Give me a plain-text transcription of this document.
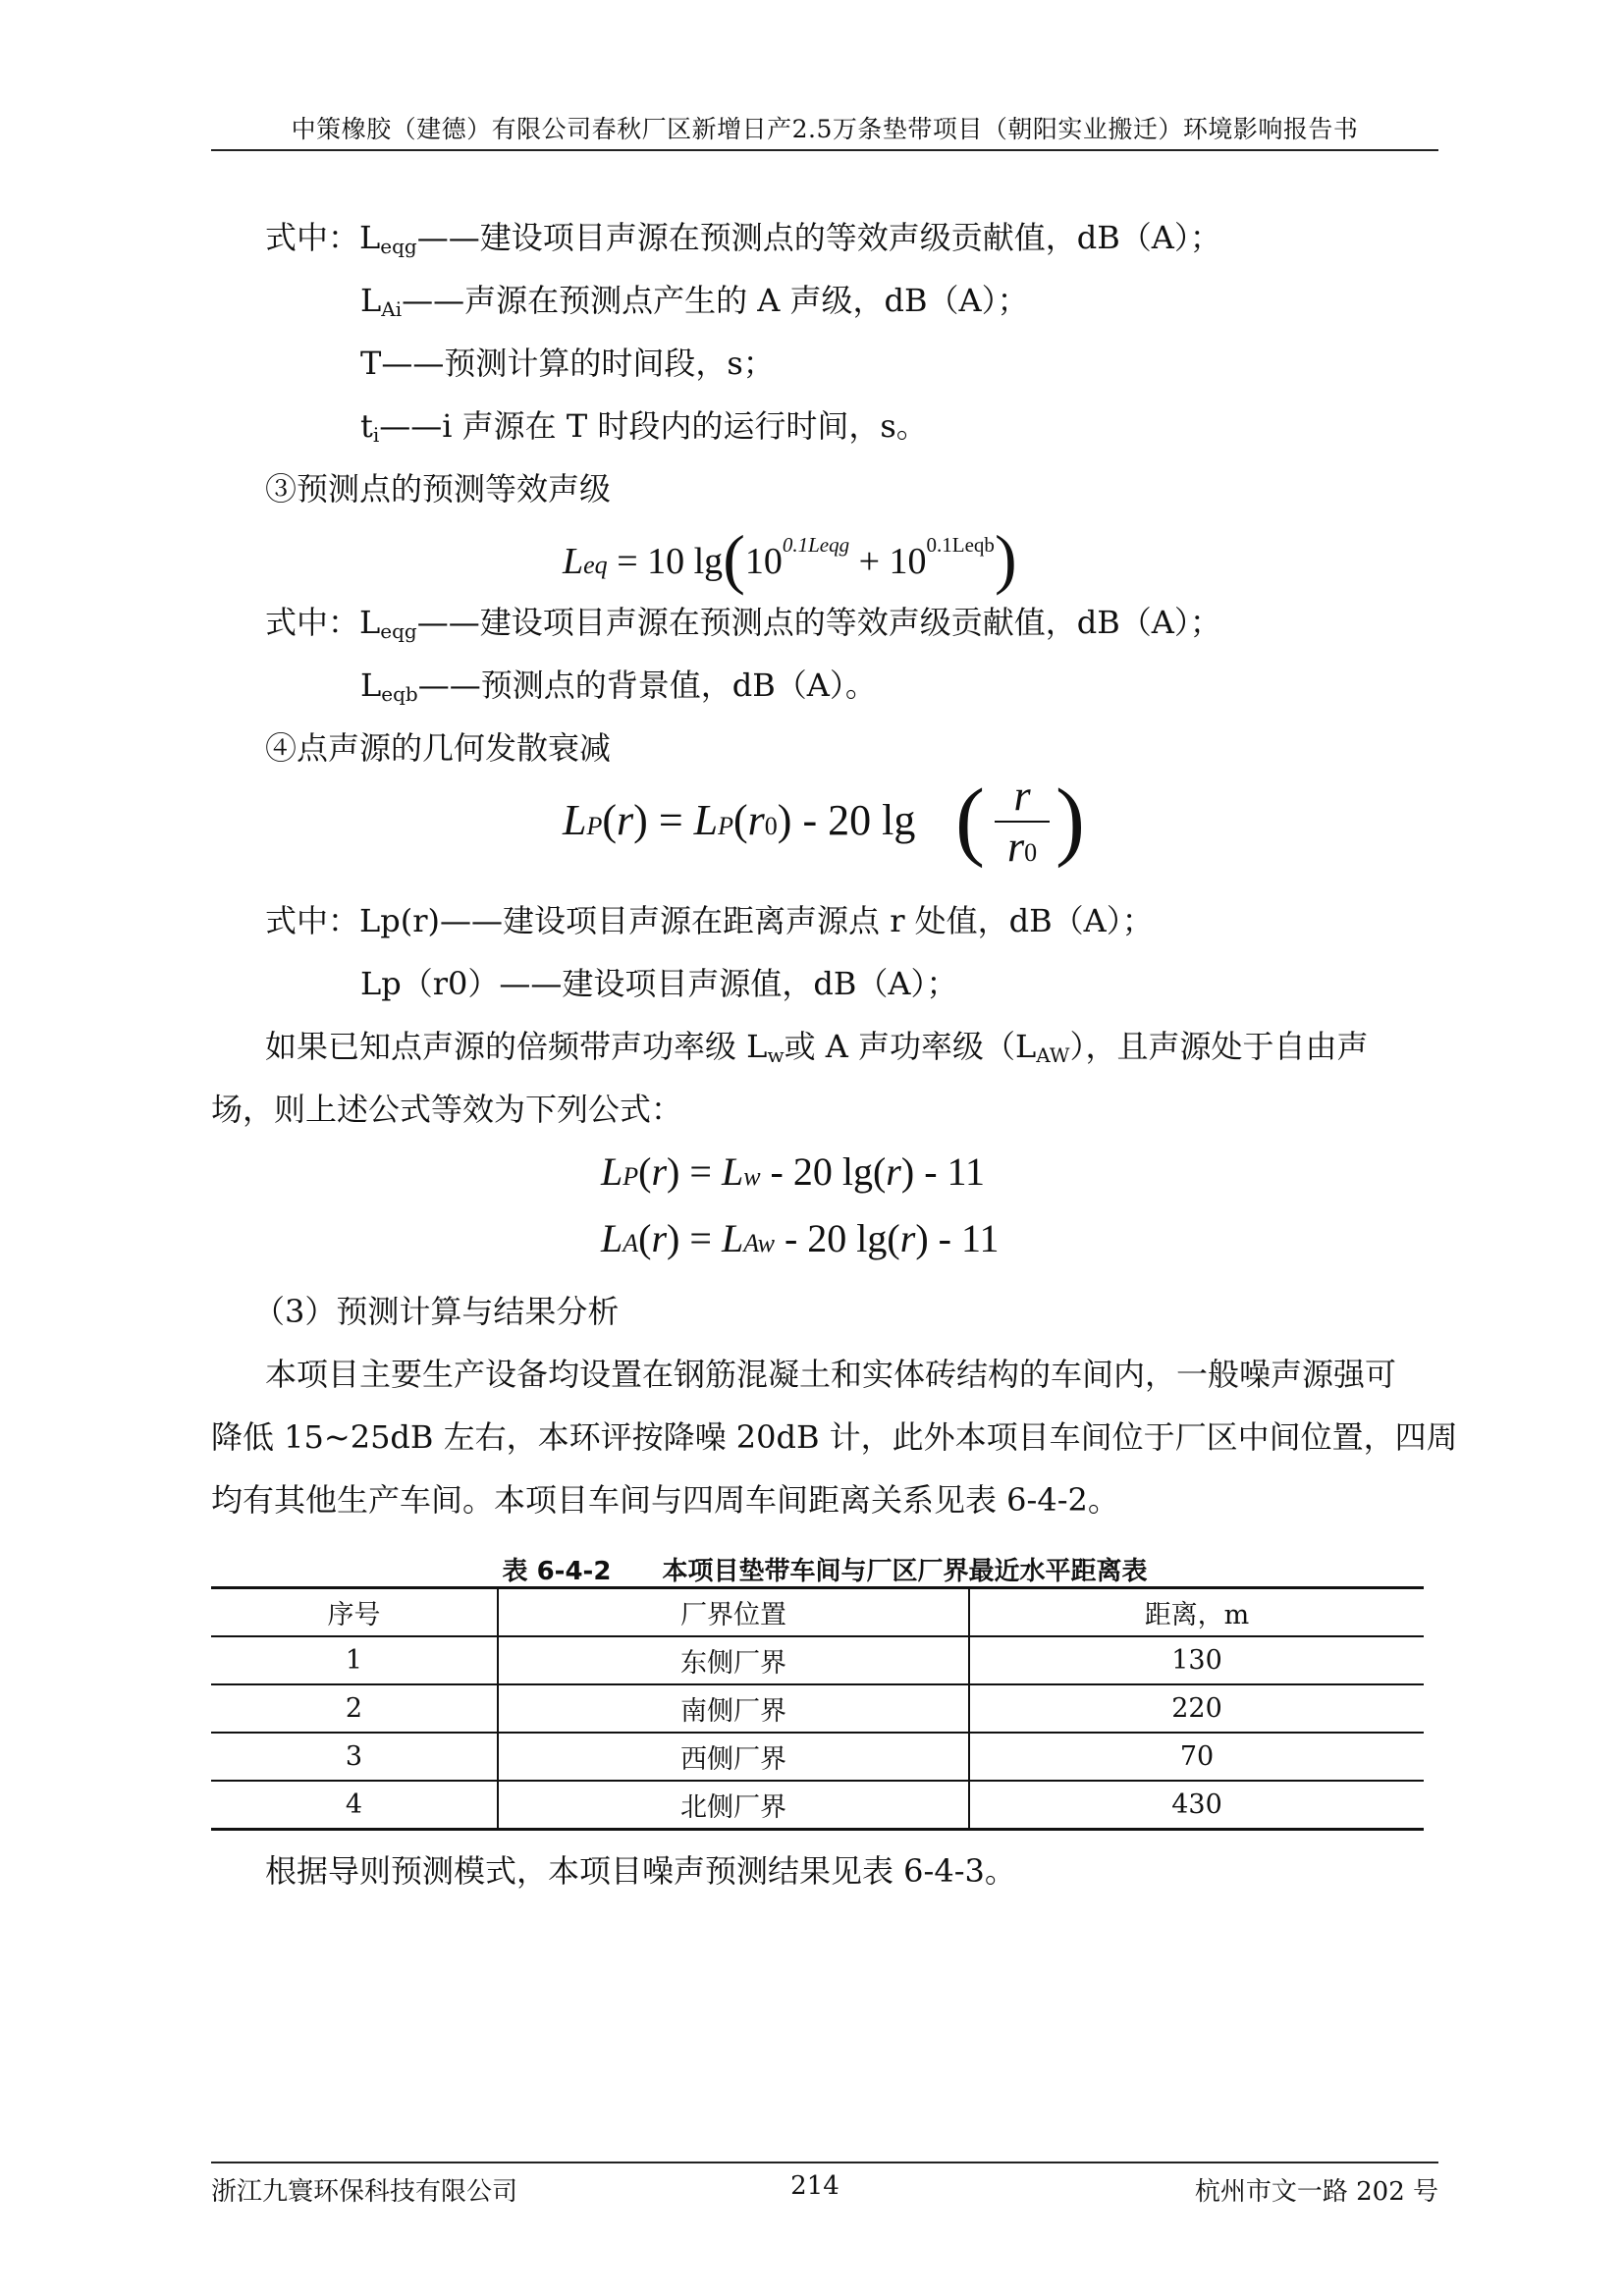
中策橡胶（建德）有限公司春秋厂区新增日产2.5万条垫带项目（朝阳实业搬迁）环境影响报告书
式中：$L_{eqg}——$建设项目声源在预测点的等效声级贡献值，dB（A）；
$L_{Ai}——$声源在预测点产生的 A 声级，dB（A）；
T——预测计算的时间段，s；
$t_i——i$ 声源在 T 时段内的运行时间，s。
③预测点的预测等效声级
Leq = 10 $\lg(10^{0.1Leqg} + 10^{0.1Leqb})$
式中：$L_{eqg}——$建设项目声源在预测点的等效声级贡献值，dB（A）；
$L_{eqb}——$预测点的背景值，dB（A）。
④点声源的几何发散衰减
LP(r) = LP(r0) - 20 lg ( r
r0 )
式中：Lp(r)——建设项目声源在距离声源点 r 处值，dB（A）；
Lp（r0）——建设项目声源值，dB（A）；
如果已知点声源的倍频带声功率级 $L_w$或 A 声功率级$(L_{AW})$，且声源处于自由声
场，则上述公式等效为下列公式：
LP(r) = Lw - 20 lg(r) - 11
LA(r) = LAw - 20 lg(r) - 11
（3）预测计算与结果分析
本项目主要生产设备均设置在钢筋混凝土和实体砖结构的车间内，一般噪声源强可
降低 15~25dB 左右，本环评按降噪 20dB 计，此外本项目车间位于厂区中间位置，四周
均有其他生产车间。本项目车间与四周车间距离关系见表 6-4-2。
表 6-4-2　　本项目垫带车间与厂区厂界最近水平距离表
序号	厂界位置	距离，m
1	东侧厂界	130
2	南侧厂界	220
3	西侧厂界	70
4	北侧厂界	430
根据导则预测模式，本项目噪声预测结果见表 6-4-3。
浙江九寰环保科技有限公司	214	杭州市文一路 202 号
